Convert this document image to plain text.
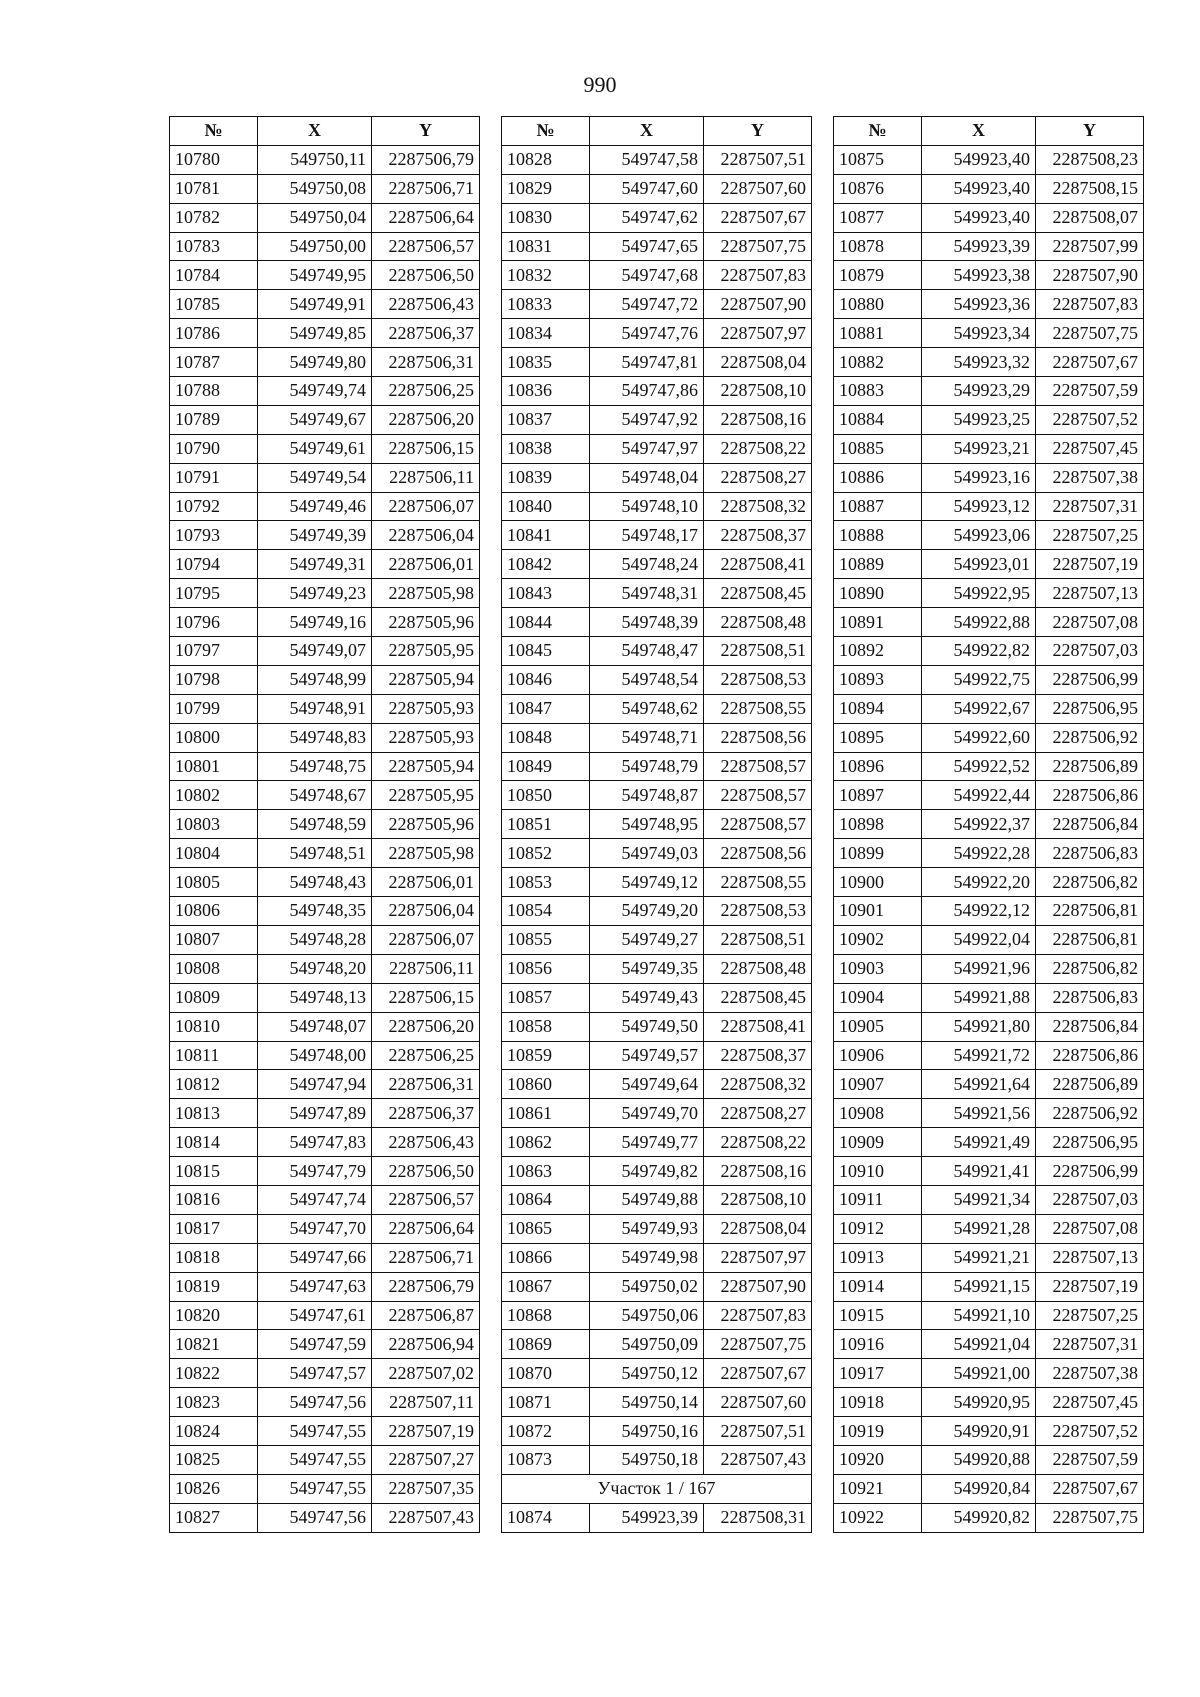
990
№	X	Y
10780	549750,11	2287506,79
10781	549750,08	2287506,71
10782	549750,04	2287506,64
10783	549750,00	2287506,57
10784	549749,95	2287506,50
10785	549749,91	2287506,43
10786	549749,85	2287506,37
10787	549749,80	2287506,31
10788	549749,74	2287506,25
10789	549749,67	2287506,20
10790	549749,61	2287506,15
10791	549749,54	2287506,11
10792	549749,46	2287506,07
10793	549749,39	2287506,04
10794	549749,31	2287506,01
10795	549749,23	2287505,98
10796	549749,16	2287505,96
10797	549749,07	2287505,95
10798	549748,99	2287505,94
10799	549748,91	2287505,93
10800	549748,83	2287505,93
10801	549748,75	2287505,94
10802	549748,67	2287505,95
10803	549748,59	2287505,96
10804	549748,51	2287505,98
10805	549748,43	2287506,01
10806	549748,35	2287506,04
10807	549748,28	2287506,07
10808	549748,20	2287506,11
10809	549748,13	2287506,15
10810	549748,07	2287506,20
10811	549748,00	2287506,25
10812	549747,94	2287506,31
10813	549747,89	2287506,37
10814	549747,83	2287506,43
10815	549747,79	2287506,50
10816	549747,74	2287506,57
10817	549747,70	2287506,64
10818	549747,66	2287506,71
10819	549747,63	2287506,79
10820	549747,61	2287506,87
10821	549747,59	2287506,94
10822	549747,57	2287507,02
10823	549747,56	2287507,11
10824	549747,55	2287507,19
10825	549747,55	2287507,27
10826	549747,55	2287507,35
10827	549747,56	2287507,43
№	X	Y
10828	549747,58	2287507,51
10829	549747,60	2287507,60
10830	549747,62	2287507,67
10831	549747,65	2287507,75
10832	549747,68	2287507,83
10833	549747,72	2287507,90
10834	549747,76	2287507,97
10835	549747,81	2287508,04
10836	549747,86	2287508,10
10837	549747,92	2287508,16
10838	549747,97	2287508,22
10839	549748,04	2287508,27
10840	549748,10	2287508,32
10841	549748,17	2287508,37
10842	549748,24	2287508,41
10843	549748,31	2287508,45
10844	549748,39	2287508,48
10845	549748,47	2287508,51
10846	549748,54	2287508,53
10847	549748,62	2287508,55
10848	549748,71	2287508,56
10849	549748,79	2287508,57
10850	549748,87	2287508,57
10851	549748,95	2287508,57
10852	549749,03	2287508,56
10853	549749,12	2287508,55
10854	549749,20	2287508,53
10855	549749,27	2287508,51
10856	549749,35	2287508,48
10857	549749,43	2287508,45
10858	549749,50	2287508,41
10859	549749,57	2287508,37
10860	549749,64	2287508,32
10861	549749,70	2287508,27
10862	549749,77	2287508,22
10863	549749,82	2287508,16
10864	549749,88	2287508,10
10865	549749,93	2287508,04
10866	549749,98	2287507,97
10867	549750,02	2287507,90
10868	549750,06	2287507,83
10869	549750,09	2287507,75
10870	549750,12	2287507,67
10871	549750,14	2287507,60
10872	549750,16	2287507,51
10873	549750,18	2287507,43
Участок 1 / 167		
10874	549923,39	2287508,31
№	X	Y
10875	549923,40	2287508,23
10876	549923,40	2287508,15
10877	549923,40	2287508,07
10878	549923,39	2287507,99
10879	549923,38	2287507,90
10880	549923,36	2287507,83
10881	549923,34	2287507,75
10882	549923,32	2287507,67
10883	549923,29	2287507,59
10884	549923,25	2287507,52
10885	549923,21	2287507,45
10886	549923,16	2287507,38
10887	549923,12	2287507,31
10888	549923,06	2287507,25
10889	549923,01	2287507,19
10890	549922,95	2287507,13
10891	549922,88	2287507,08
10892	549922,82	2287507,03
10893	549922,75	2287506,99
10894	549922,67	2287506,95
10895	549922,60	2287506,92
10896	549922,52	2287506,89
10897	549922,44	2287506,86
10898	549922,37	2287506,84
10899	549922,28	2287506,83
10900	549922,20	2287506,82
10901	549922,12	2287506,81
10902	549922,04	2287506,81
10903	549921,96	2287506,82
10904	549921,88	2287506,83
10905	549921,80	2287506,84
10906	549921,72	2287506,86
10907	549921,64	2287506,89
10908	549921,56	2287506,92
10909	549921,49	2287506,95
10910	549921,41	2287506,99
10911	549921,34	2287507,03
10912	549921,28	2287507,08
10913	549921,21	2287507,13
10914	549921,15	2287507,19
10915	549921,10	2287507,25
10916	549921,04	2287507,31
10917	549921,00	2287507,38
10918	549920,95	2287507,45
10919	549920,91	2287507,52
10920	549920,88	2287507,59
10921	549920,84	2287507,67
10922	549920,82	2287507,75
